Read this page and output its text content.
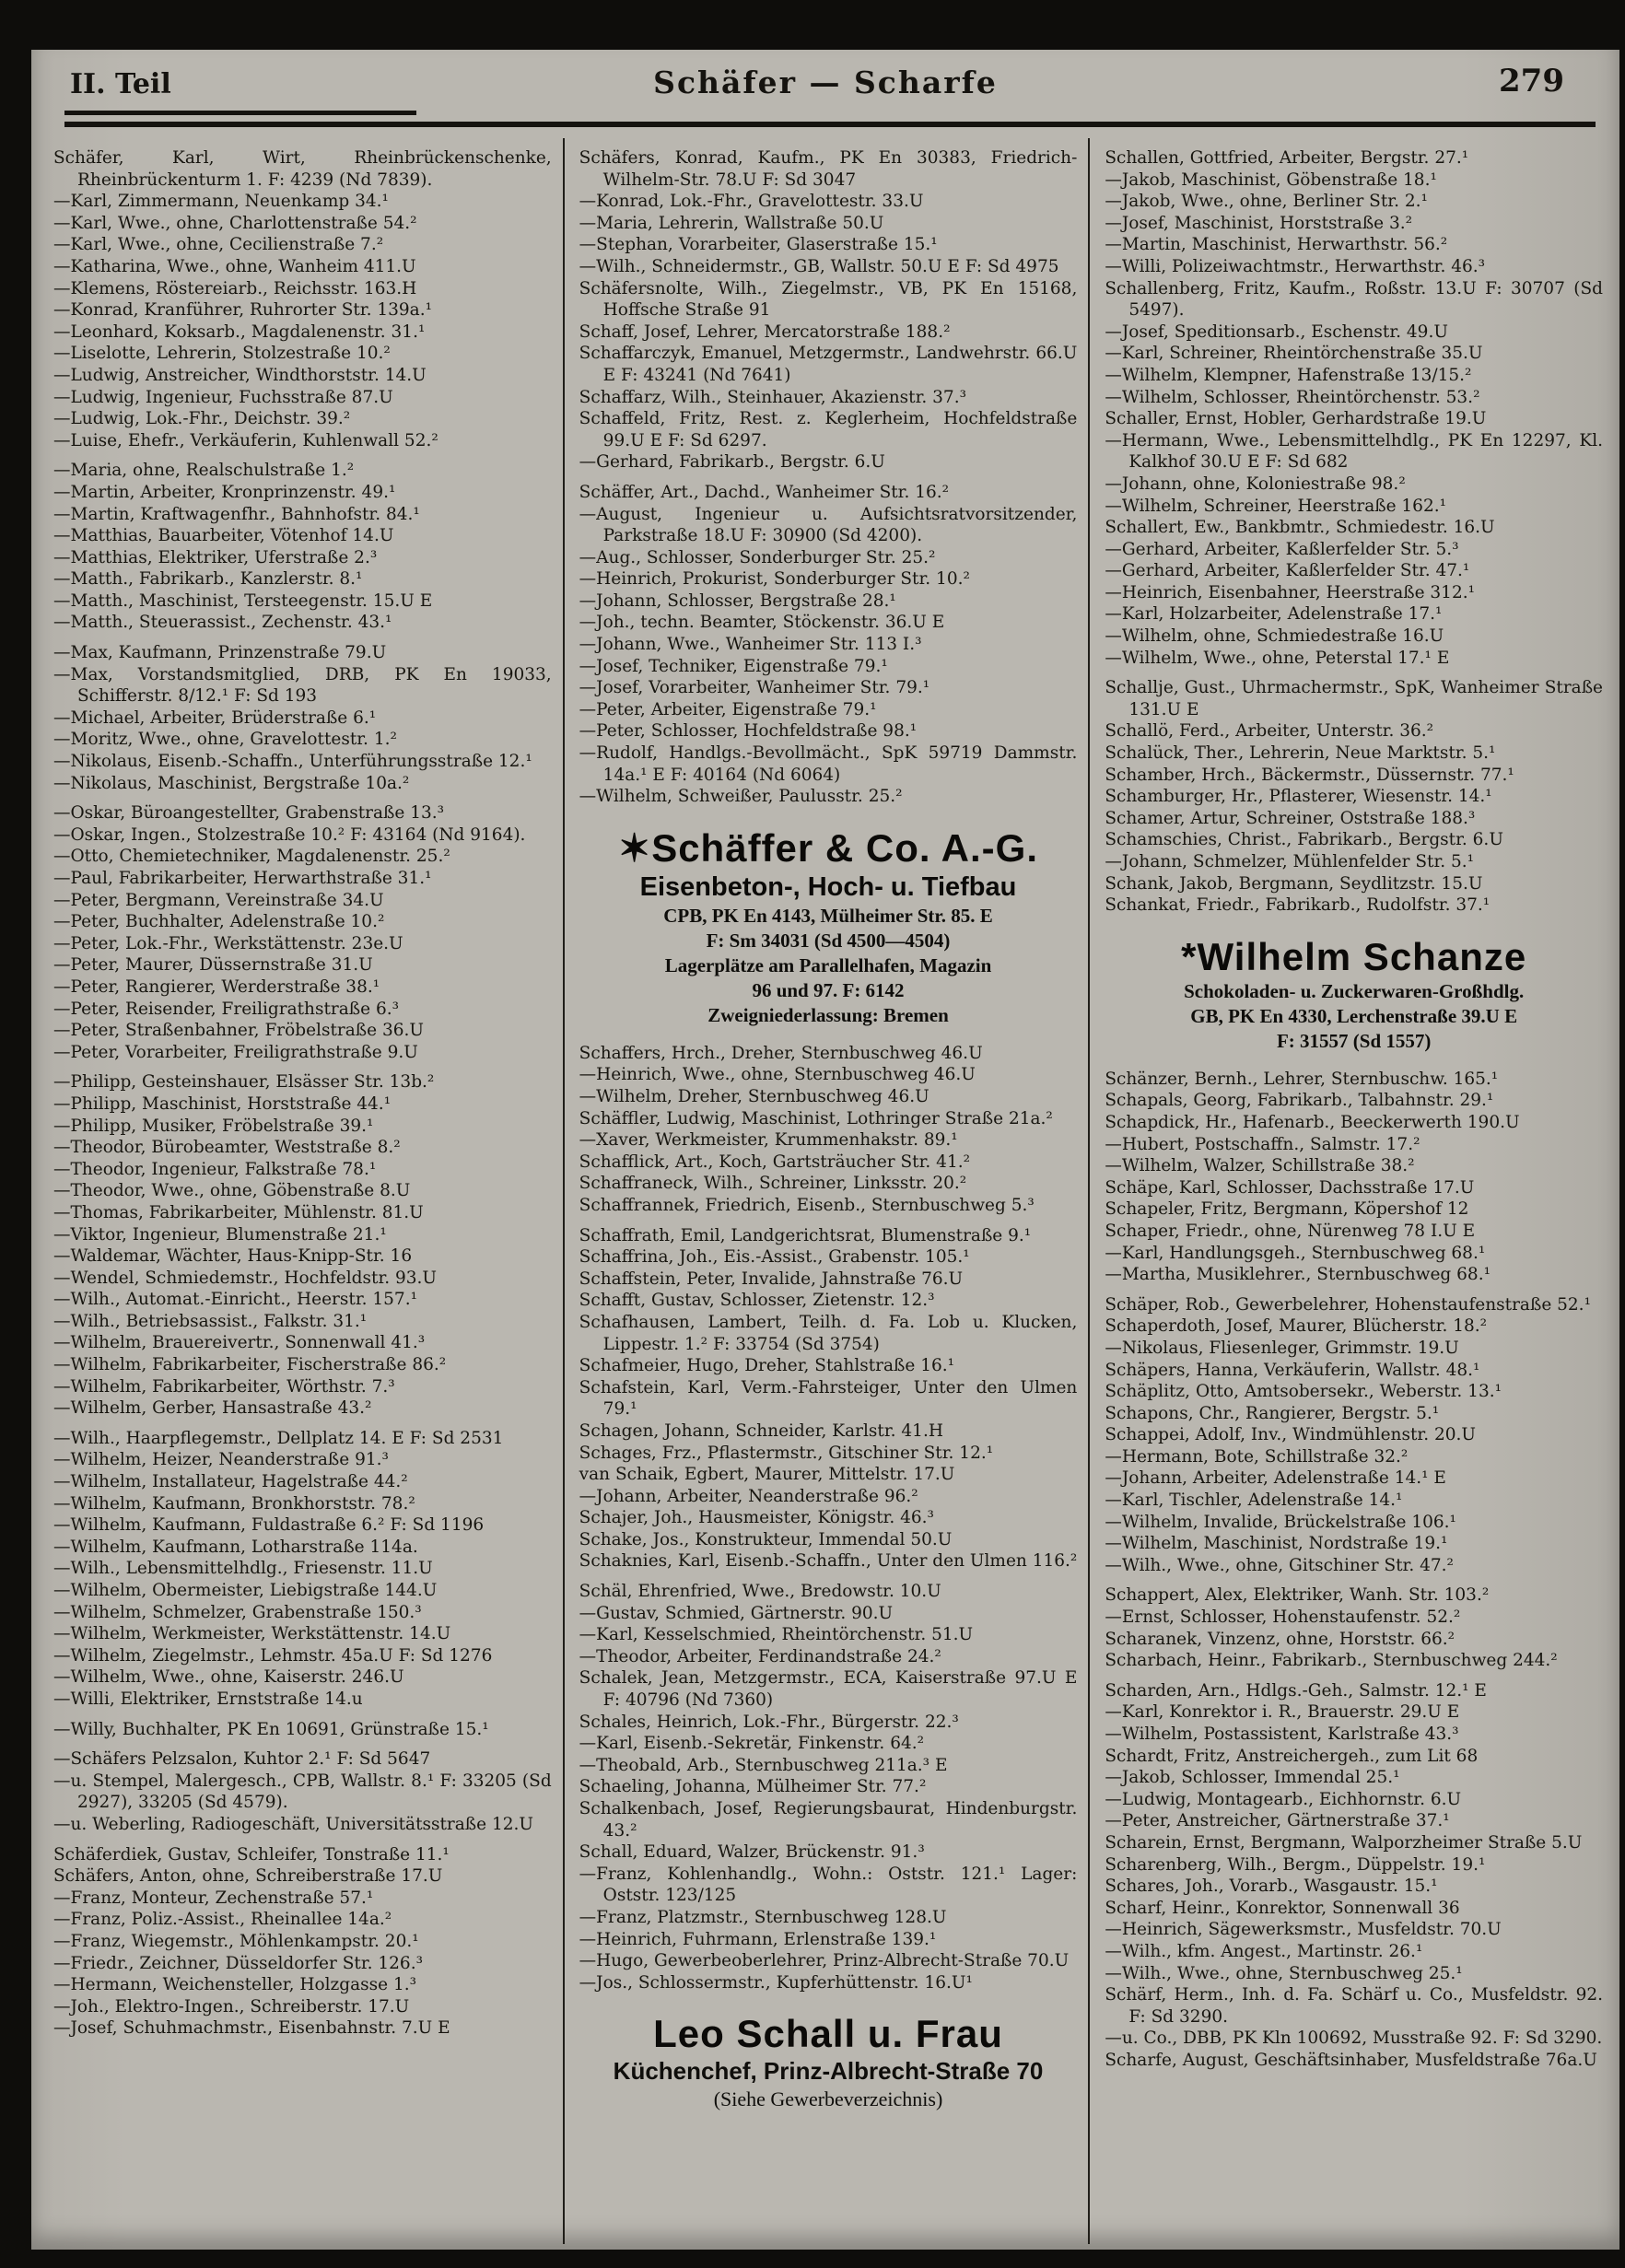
II. Teil	Schäfer — Scharfe	279
Schäfer, Karl, Wirt, Rheinbrückenschenke, Rheinbrückenturm 1. F: 4239 (Nd 7839).
—Karl, Zimmermann, Neuenkamp 34.¹
—Karl, Wwe., ohne, Charlottenstraße 54.²
—Karl, Wwe., ohne, Cecilienstraße 7.²
—Katharina, Wwe., ohne, Wanheim 411.U
—Klemens, Röstereiarb., Reichsstr. 163.H
—Konrad, Kranführer, Ruhrorter Str. 139a.¹
—Leonhard, Koksarb., Magdalenenstr. 31.¹
—Liselotte, Lehrerin, Stolzestraße 10.²
—Ludwig, Anstreicher, Windthorststr. 14.U
—Ludwig, Ingenieur, Fuchsstraße 87.U
—Ludwig, Lok.-Fhr., Deichstr. 39.²
—Luise, Ehefr., Verkäuferin, Kuhlenwall 52.²
—Maria, ohne, Realschulstraße 1.²
—Martin, Arbeiter, Kronprinzenstr. 49.¹
—Martin, Kraftwagenfhr., Bahnhofstr. 84.¹
—Matthias, Bauarbeiter, Vötenhof 14.U
—Matthias, Elektriker, Uferstraße 2.³
—Matth., Fabrikarb., Kanzlerstr. 8.¹
—Matth., Maschinist, Tersteegenstr. 15.U E
—Matth., Steuerassist., Zechenstr. 43.¹
—Max, Kaufmann, Prinzenstraße 79.U
—Max, Vorstandsmitglied, DRB, PK En 19033, Schifferstr. 8/12.¹ F: Sd 193
—Michael, Arbeiter, Brüderstraße 6.¹
—Moritz, Wwe., ohne, Gravelottestr. 1.²
—Nikolaus, Eisenb.-Schaffn., Unterführungsstraße 12.¹
—Nikolaus, Maschinist, Bergstraße 10a.²
—Oskar, Büroangestellter, Grabenstraße 13.³
—Oskar, Ingen., Stolzestraße 10.² F: 43164 (Nd 9164).
—Otto, Chemietechniker, Magdalenenstr. 25.²
—Paul, Fabrikarbeiter, Herwarthstraße 31.¹
—Peter, Bergmann, Vereinstraße 34.U
—Peter, Buchhalter, Adelenstraße 10.²
—Peter, Lok.-Fhr., Werkstättenstr. 23e.U
—Peter, Maurer, Düssernstraße 31.U
—Peter, Rangierer, Werderstraße 38.¹
—Peter, Reisender, Freiligrathstraße 6.³
—Peter, Straßenbahner, Fröbelstraße 36.U
—Peter, Vorarbeiter, Freiligrathstraße 9.U
—Philipp, Gesteinshauer, Elsässer Str. 13b.²
—Philipp, Maschinist, Horststraße 44.¹
—Philipp, Musiker, Fröbelstraße 39.¹
—Theodor, Bürobeamter, Weststraße 8.²
—Theodor, Ingenieur, Falkstraße 78.¹
—Theodor, Wwe., ohne, Göbenstraße 8.U
—Thomas, Fabrikarbeiter, Mühlenstr. 81.U
—Viktor, Ingenieur, Blumenstraße 21.¹
—Waldemar, Wächter, Haus-Knipp-Str. 16
—Wendel, Schmiedemstr., Hochfeldstr. 93.U
—Wilh., Automat.-Einricht., Heerstr. 157.¹
—Wilh., Betriebsassist., Falkstr. 31.¹
—Wilhelm, Brauereivertr., Sonnenwall 41.³
—Wilhelm, Fabrikarbeiter, Fischerstraße 86.²
—Wilhelm, Fabrikarbeiter, Wörthstr. 7.³
—Wilhelm, Gerber, Hansastraße 43.²
—Wilh., Haarpflegemstr., Dellplatz 14. E F: Sd 2531
—Wilhelm, Heizer, Neanderstraße 91.³
—Wilhelm, Installateur, Hagelstraße 44.²
—Wilhelm, Kaufmann, Bronkhorststr. 78.²
—Wilhelm, Kaufmann, Fuldastraße 6.² F: Sd 1196
—Wilhelm, Kaufmann, Lotharstraße 114a.
—Wilh., Lebensmittelhdlg., Friesenstr. 11.U
—Wilhelm, Obermeister, Liebigstraße 144.U
—Wilhelm, Schmelzer, Grabenstraße 150.³
—Wilhelm, Werkmeister, Werkstättenstr. 14.U
—Wilhelm, Ziegelmstr., Lehmstr. 45a.U F: Sd 1276
—Wilhelm, Wwe., ohne, Kaiserstr. 246.U
—Willi, Elektriker, Ernststraße 14.u
—Willy, Buchhalter, PK En 10691, Grünstraße 15.¹
—Schäfers Pelzsalon, Kuhtor 2.¹ F: Sd 5647
—u. Stempel, Malergesch., CPB, Wallstr. 8.¹ F: 33205 (Sd 2927), 33205 (Sd 4579).
—u. Weberling, Radiogeschäft, Universitätsstraße 12.U
Schäferdiek, Gustav, Schleifer, Tonstraße 11.¹
Schäfers, Anton, ohne, Schreiberstraße 17.U
—Franz, Monteur, Zechenstraße 57.¹
—Franz, Poliz.-Assist., Rheinallee 14a.²
—Franz, Wiegemstr., Möhlenkampstr. 20.¹
—Friedr., Zeichner, Düsseldorfer Str. 126.³
—Hermann, Weichensteller, Holzgasse 1.³
—Joh., Elektro-Ingen., Schreiberstr. 17.U
—Josef, Schuhmachmstr., Eisenbahnstr. 7.U E
Schäfers, Konrad, Kaufm., PK En 30383, Friedrich-Wilhelm-Str. 78.U F: Sd 3047
—Konrad, Lok.-Fhr., Gravelottestr. 33.U
—Maria, Lehrerin, Wallstraße 50.U
—Stephan, Vorarbeiter, Glaserstraße 15.¹
—Wilh., Schneidermstr., GB, Wallstr. 50.U E F: Sd 4975
Schäfersnolte, Wilh., Ziegelmstr., VB, PK En 15168, Hoffsche Straße 91
Schaff, Josef, Lehrer, Mercatorstraße 188.²
Schaffarczyk, Emanuel, Metzgermstr., Landwehrstr. 66.U E F: 43241 (Nd 7641)
Schaffarz, Wilh., Steinhauer, Akazienstr. 37.³
Schaffeld, Fritz, Rest. z. Keglerheim, Hochfeldstraße 99.U E F: Sd 6297.
—Gerhard, Fabrikarb., Bergstr. 6.U
Schäffer, Art., Dachd., Wanheimer Str. 16.²
—August, Ingenieur u. Aufsichtsratvorsitzender, Parkstraße 18.U F: 30900 (Sd 4200).
—Aug., Schlosser, Sonderburger Str. 25.²
—Heinrich, Prokurist, Sonderburger Str. 10.²
—Johann, Schlosser, Bergstraße 28.¹
—Joh., techn. Beamter, Stöckenstr. 36.U E
—Johann, Wwe., Wanheimer Str. 113 I.³
—Josef, Techniker, Eigenstraße 79.¹
—Josef, Vorarbeiter, Wanheimer Str. 79.¹
—Peter, Arbeiter, Eigenstraße 79.¹
—Peter, Schlosser, Hochfeldstraße 98.¹
—Rudolf, Handlgs.-Bevollmächt., SpK 59719 Dammstr. 14a.¹ E F: 40164 (Nd 6064)
—Wilhelm, Schweißer, Paulusstr. 25.²
✶Schäffer & Co. A.-G.
Eisenbeton-, Hoch- u. Tiefbau
CPB, PK En 4143, Mülheimer Str. 85. E
F: Sm 34031 (Sd 4500—4504)
Lagerplätze am Parallelhafen, Magazin
96 und 97. F: 6142
Zweigniederlassung: Bremen
Schaffers, Hrch., Dreher, Sternbuschweg 46.U
—Heinrich, Wwe., ohne, Sternbuschweg 46.U
—Wilhelm, Dreher, Sternbuschweg 46.U
Schäffler, Ludwig, Maschinist, Lothringer Straße 21a.²
—Xaver, Werkmeister, Krummenhakstr. 89.¹
Schafflick, Art., Koch, Gartsträucher Str. 41.²
Schaffraneck, Wilh., Schreiner, Linksstr. 20.²
Schaffrannek, Friedrich, Eisenb., Sternbuschweg 5.³
Schaffrath, Emil, Landgerichtsrat, Blumenstraße 9.¹
Schaffrina, Joh., Eis.-Assist., Grabenstr. 105.¹
Schaffstein, Peter, Invalide, Jahnstraße 76.U
Schafft, Gustav, Schlosser, Zietenstr. 12.³
Schafhausen, Lambert, Teilh. d. Fa. Lob u. Klucken, Lippestr. 1.² F: 33754 (Sd 3754)
Schafmeier, Hugo, Dreher, Stahlstraße 16.¹
Schafstein, Karl, Verm.-Fahrsteiger, Unter den Ulmen 79.¹
Schagen, Johann, Schneider, Karlstr. 41.H
Schages, Frz., Pflastermstr., Gitschiner Str. 12.¹
van Schaik, Egbert, Maurer, Mittelstr. 17.U
—Johann, Arbeiter, Neanderstraße 96.²
Schajer, Joh., Hausmeister, Königstr. 46.³
Schake, Jos., Konstrukteur, Immendal 50.U
Schaknies, Karl, Eisenb.-Schaffn., Unter den Ulmen 116.²
Schäl, Ehrenfried, Wwe., Bredowstr. 10.U
—Gustav, Schmied, Gärtnerstr. 90.U
—Karl, Kesselschmied, Rheintörchenstr. 51.U
—Theodor, Arbeiter, Ferdinandstraße 24.²
Schalek, Jean, Metzgermstr., ECA, Kaiserstraße 97.U E F: 40796 (Nd 7360)
Schales, Heinrich, Lok.-Fhr., Bürgerstr. 22.³
—Karl, Eisenb.-Sekretär, Finkenstr. 64.²
—Theobald, Arb., Sternbuschweg 211a.³ E
Schaeling, Johanna, Mülheimer Str. 77.²
Schalkenbach, Josef, Regierungsbaurat, Hindenburgstr. 43.²
Schall, Eduard, Walzer, Brückenstr. 91.³
—Franz, Kohlenhandlg., Wohn.: Oststr. 121.¹ Lager: Oststr. 123/125
—Franz, Platzmstr., Sternbuschweg 128.U
—Heinrich, Fuhrmann, Erlenstraße 139.¹
—Hugo, Gewerbeoberlehrer, Prinz-Albrecht-Straße 70.U
—Jos., Schlossermstr., Kupferhüttenstr. 16.U¹
Leo Schall u. Frau
Küchenchef, Prinz-Albrecht-Straße 70
(Siehe Gewerbeverzeichnis)
Schallen, Gottfried, Arbeiter, Bergstr. 27.¹
—Jakob, Maschinist, Göbenstraße 18.¹
—Jakob, Wwe., ohne, Berliner Str. 2.¹
—Josef, Maschinist, Horststraße 3.²
—Martin, Maschinist, Herwarthstr. 56.²
—Willi, Polizeiwachtmstr., Herwarthstr. 46.³
Schallenberg, Fritz, Kaufm., Roßstr. 13.U F: 30707 (Sd 5497).
—Josef, Speditionsarb., Eschenstr. 49.U
—Karl, Schreiner, Rheintörchenstraße 35.U
—Wilhelm, Klempner, Hafenstraße 13/15.²
—Wilhelm, Schlosser, Rheintörchenstr. 53.²
Schaller, Ernst, Hobler, Gerhardstraße 19.U
—Hermann, Wwe., Lebensmittelhdlg., PK En 12297, Kl. Kalkhof 30.U E F: Sd 682
—Johann, ohne, Koloniestraße 98.²
—Wilhelm, Schreiner, Heerstraße 162.¹
Schallert, Ew., Bankbmtr., Schmiedestr. 16.U
—Gerhard, Arbeiter, Kaßlerfelder Str. 5.³
—Gerhard, Arbeiter, Kaßlerfelder Str. 47.¹
—Heinrich, Eisenbahner, Heerstraße 312.¹
—Karl, Holzarbeiter, Adelenstraße 17.¹
—Wilhelm, ohne, Schmiedestraße 16.U
—Wilhelm, Wwe., ohne, Peterstal 17.¹ E
Schallje, Gust., Uhrmachermstr., SpK, Wanheimer Straße 131.U E
Schallö, Ferd., Arbeiter, Unterstr. 36.²
Schalück, Ther., Lehrerin, Neue Marktstr. 5.¹
Schamber, Hrch., Bäckermstr., Düssernstr. 77.¹
Schamburger, Hr., Pflasterer, Wiesenstr. 14.¹
Schamer, Artur, Schreiner, Oststraße 188.³
Schamschies, Christ., Fabrikarb., Bergstr. 6.U
—Johann, Schmelzer, Mühlenfelder Str. 5.¹
Schank, Jakob, Bergmann, Seydlitzstr. 15.U
Schankat, Friedr., Fabrikarb., Rudolfstr. 37.¹
*Wilhelm Schanze
Schokoladen- u. Zuckerwaren-Großhdlg.
GB, PK En 4330, Lerchenstraße 39.U E
F: 31557 (Sd 1557)
Schänzer, Bernh., Lehrer, Sternbuschw. 165.¹
Schapals, Georg, Fabrikarb., Talbahnstr. 29.¹
Schapdick, Hr., Hafenarb., Beeckerwerth 190.U
—Hubert, Postschaffn., Salmstr. 17.²
—Wilhelm, Walzer, Schillstraße 38.²
Schäpe, Karl, Schlosser, Dachsstraße 17.U
Schapeler, Fritz, Bergmann, Köpershof 12
Schaper, Friedr., ohne, Nürenweg 78 I.U E
—Karl, Handlungsgeh., Sternbuschweg 68.¹
—Martha, Musiklehrer., Sternbuschweg 68.¹
Schäper, Rob., Gewerbelehrer, Hohenstaufenstraße 52.¹
Schaperdoth, Josef, Maurer, Blücherstr. 18.²
—Nikolaus, Fliesenleger, Grimmstr. 19.U
Schäpers, Hanna, Verkäuferin, Wallstr. 48.¹
Schäplitz, Otto, Amtsobersekr., Weberstr. 13.¹
Schapons, Chr., Rangierer, Bergstr. 5.¹
Schappei, Adolf, Inv., Windmühlenstr. 20.U
—Hermann, Bote, Schillstraße 32.²
—Johann, Arbeiter, Adelenstraße 14.¹ E
—Karl, Tischler, Adelenstraße 14.¹
—Wilhelm, Invalide, Brückelstraße 106.¹
—Wilhelm, Maschinist, Nordstraße 19.¹
—Wilh., Wwe., ohne, Gitschiner Str. 47.²
Schappert, Alex, Elektriker, Wanh. Str. 103.²
—Ernst, Schlosser, Hohenstaufenstr. 52.²
Scharanek, Vinzenz, ohne, Horststr. 66.²
Scharbach, Heinr., Fabrikarb., Sternbuschweg 244.²
Scharden, Arn., Hdlgs.-Geh., Salmstr. 12.¹ E
—Karl, Konrektor i. R., Brauerstr. 29.U E
—Wilhelm, Postassistent, Karlstraße 43.³
Schardt, Fritz, Anstreichergeh., zum Lit 68
—Jakob, Schlosser, Immendal 25.¹
—Ludwig, Montagearb., Eichhornstr. 6.U
—Peter, Anstreicher, Gärtnerstraße 37.¹
Scharein, Ernst, Bergmann, Walporzheimer Straße 5.U
Scharenberg, Wilh., Bergm., Düppelstr. 19.¹
Schares, Joh., Vorarb., Wasgaustr. 15.¹
Scharf, Heinr., Konrektor, Sonnenwall 36
—Heinrich, Sägewerksmstr., Musfeldstr. 70.U
—Wilh., kfm. Angest., Martinstr. 26.¹
—Wilh., Wwe., ohne, Sternbuschweg 25.¹
Schärf, Herm., Inh. d. Fa. Schärf u. Co., Musfeldstr. 92. F: Sd 3290.
—u. Co., DBB, PK Kln 100692, Musstraße 92. F: Sd 3290.
Scharfe, August, Geschäftsinhaber, Musfeldstraße 76a.U
